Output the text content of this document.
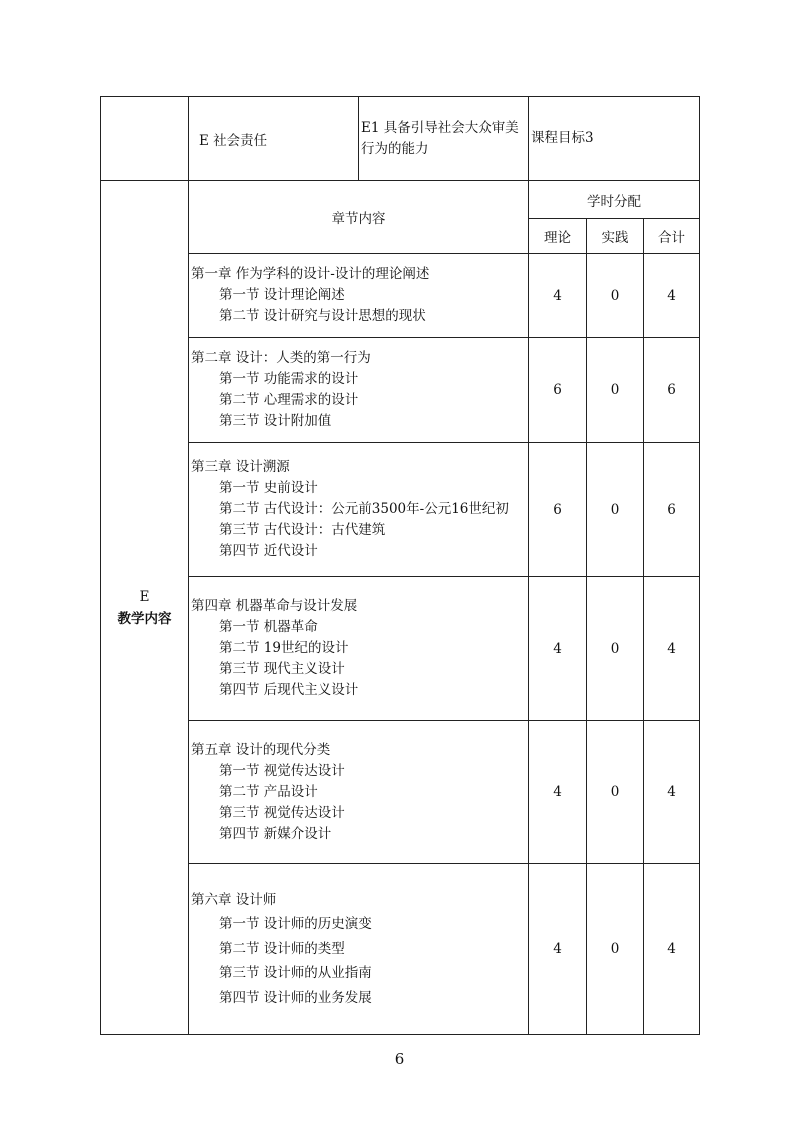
	E 社会责任	E1 具备引导社会大众审美
行为的能力	课程目标3		

E
教学内容	章节内容		学时分配		
			理论	实践	合计

	第一章 作为学科的设计-设计的理论阐述
第一节 设计理论阐述
第二节 设计研究与设计思想的现状		4	0	4

	第二章 设计：人类的第一行为
第一节 功能需求的设计
第二节 心理需求的设计
第三节 设计附加值		6	0	6

	第三章 设计溯源
第一节 史前设计
第二节 古代设计：公元前3500年-公元16世纪初
第三节 古代设计：古代建筑
第四节 近代设计		6	0	6

	第四章 机器革命与设计发展
第一节 机器革命
第二节 19世纪的设计
第三节 现代主义设计
第四节 后现代主义设计		4	0	4

	第五章 设计的现代分类
第一节 视觉传达设计
第二节 产品设计
第三节 视觉传达设计
第四节 新媒介设计		4	0	4

	第六章 设计师
第一节 设计师的历史演变
第二节 设计师的类型
第三节 设计师的从业指南
第四节 设计师的业务发展		4	0	4
6
